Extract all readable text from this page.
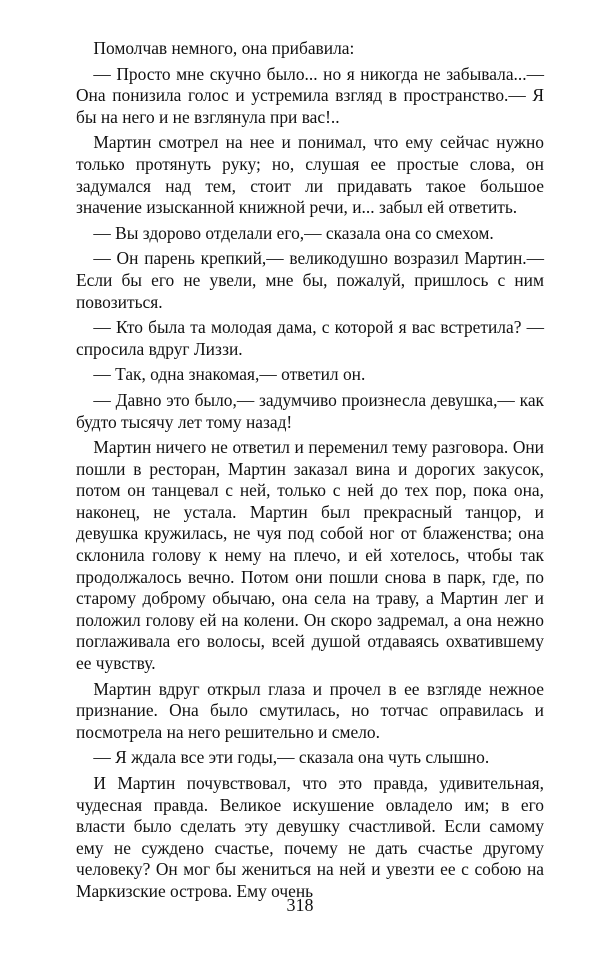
Помолчав немного, она прибавила:

— Просто мне скучно было... но я никогда не забывала...— Она понизила голос и устремила взгляд в пространство.— Я бы на него и не взглянула при вас!..

Мартин смотрел на нее и понимал, что ему сейчас нужно только протянуть руку; но, слушая ее простые слова, он задумался над тем, стоит ли придавать такое большое значение изысканной книжной речи, и... забыл ей ответить.

— Вы здорово отделали его,— сказала она со смехом.

— Он парень крепкий,— великодушно возразил Мартин.— Если бы его не увели, мне бы, пожалуй, пришлось с ним повозиться.

— Кто была та молодая дама, с которой я вас встретила? — спросила вдруг Лиззи.

— Так, одна знакомая,— ответил он.

— Давно это было,— задумчиво произнесла девушка,— как будто тысячу лет тому назад!

Мартин ничего не ответил и переменил тему разговора. Они пошли в ресторан, Мартин заказал вина и дорогих закусок, потом он танцевал с ней, только с ней до тех пор, пока она, наконец, не устала. Мартин был прекрасный танцор, и девушка кружилась, не чуя под собой ног от блаженства; она склонила голову к нему на плечо, и ей хотелось, чтобы так продолжалось вечно. Потом они пошли снова в парк, где, по старому доброму обычаю, она села на траву, а Мартин лег и положил голову ей на колени. Он скоро задремал, а она нежно поглаживала его волосы, всей душой отдаваясь охватившему ее чувству.

Мартин вдруг открыл глаза и прочел в ее взгляде нежное признание. Она было смутилась, но тотчас оправилась и посмотрела на него решительно и смело.

— Я ждала все эти годы,— сказала она чуть слышно.

И Мартин почувствовал, что это правда, удивительная, чудесная правда. Великое искушение овладело им; в его власти было сделать эту девушку счастливой. Если самому ему не суждено счастье, почему не дать счастье другому человеку? Он мог бы жениться на ней и увезти ее с собою на Маркизские острова. Ему очень

318
